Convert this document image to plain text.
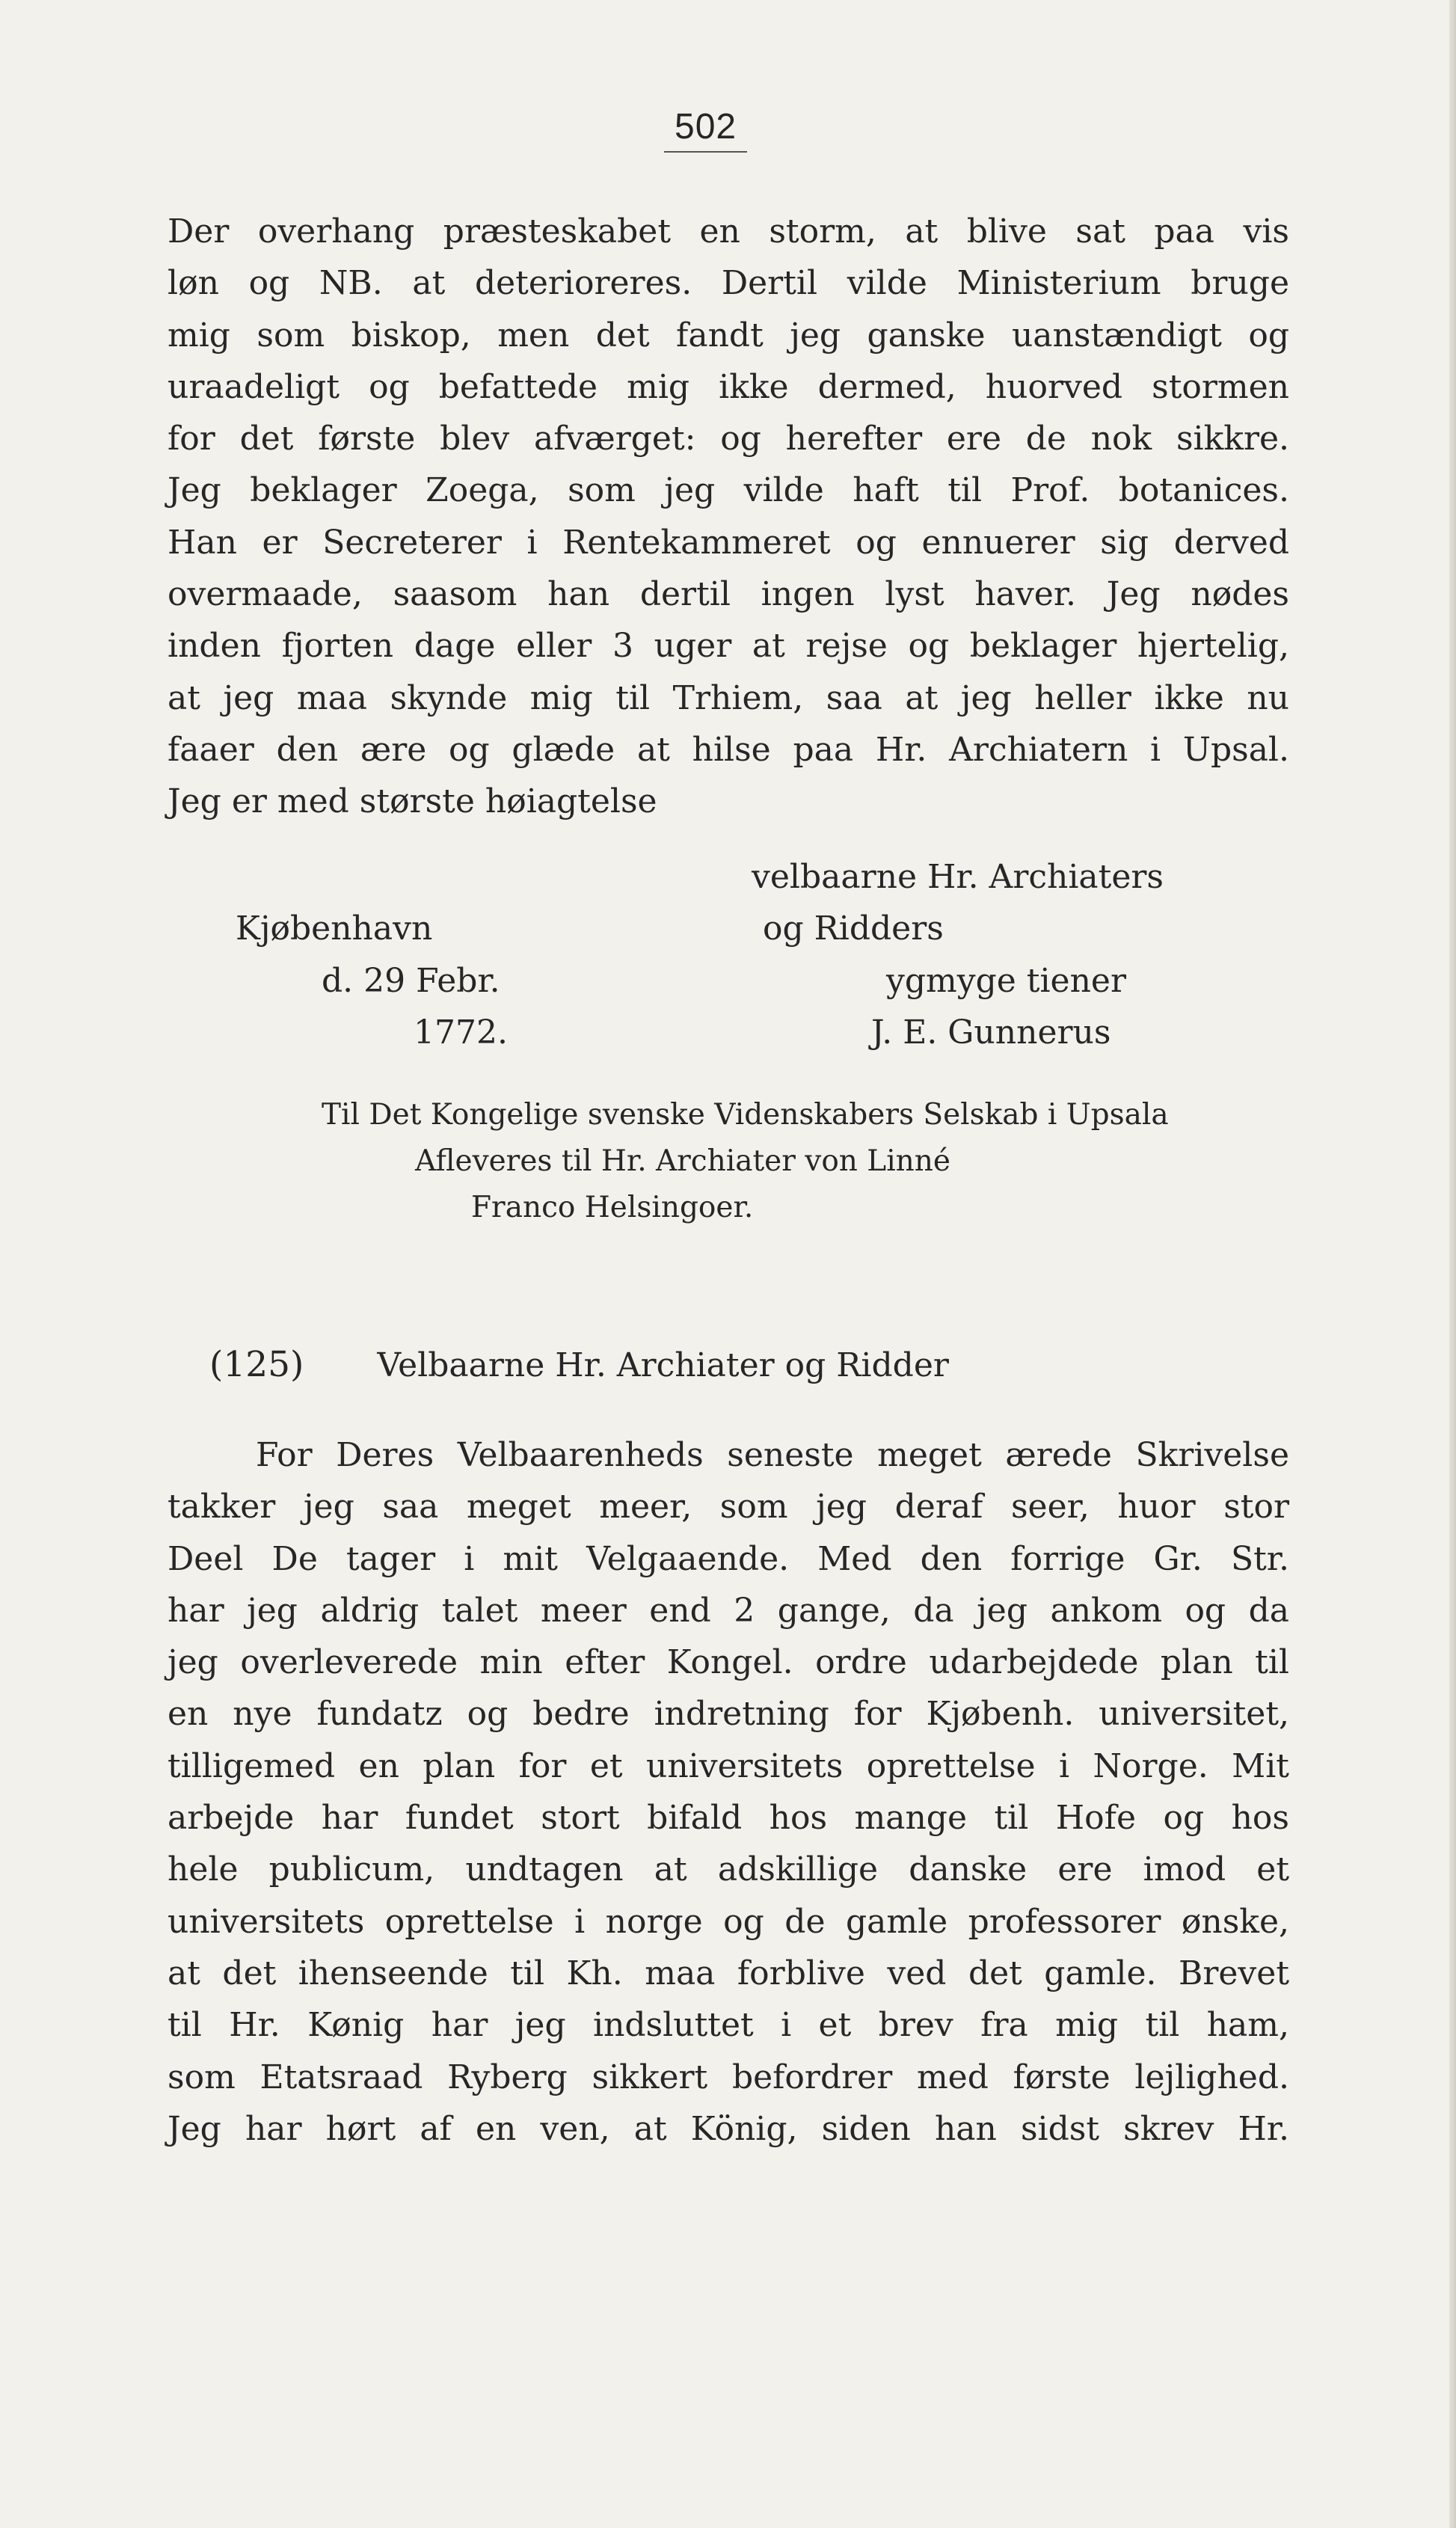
502
Der overhang præsteskabet en storm, at blive sat paa vis
løn og NB. at deterioreres. Dertil vilde Ministerium bruge
mig som biskop, men det fandt jeg ganske uanstændigt og
uraadeligt og befattede mig ikke dermed, huorved stormen
for det første blev afværget: og herefter ere de nok sikkre.
Jeg beklager Zoega, som jeg vilde haft til Prof. botanices.
Han er Secreterer i Rentekammeret og ennuerer sig derved
overmaade, saasom han dertil ingen lyst haver. Jeg nødes
inden fjorten dage eller 3 uger at rejse og beklager hjertelig,
at jeg maa skynde mig til Trhiem, saa at jeg heller ikke nu
faaer den ære og glæde at hilse paa Hr. Archiatern i Upsal.
Jeg er med største høiagtelse
velbaarne Hr. Archiaters
Kjøbenhavn	og Ridders
d. 29 Febr.	ygmyge tiener
1772.	J. E. Gunnerus
Til Det Kongelige svenske Videnskabers Selskab i Upsala
Afleveres til Hr. Archiater von Linné
Franco Helsingoer.
(125) Velbaarne Hr. Archiater og Ridder
For Deres Velbaarenheds seneste meget ærede Skrivelse
takker jeg saa meget meer, som jeg deraf seer, huor stor
Deel De tager i mit Velgaaende. Med den forrige Gr. Str.
har jeg aldrig talet meer end 2 gange, da jeg ankom og da
jeg overleverede min efter Kongel. ordre udarbejdede plan til
en nye fundatz og bedre indretning for Kjøbenh. universitet,
tilligemed en plan for et universitets oprettelse i Norge. Mit
arbejde har fundet stort bifald hos mange til Hofe og hos
hele publicum, undtagen at adskillige danske ere imod et
universitets oprettelse i norge og de gamle professorer ønske,
at det ihenseende til Kh. maa forblive ved det gamle. Brevet
til Hr. Kønig har jeg indsluttet i et brev fra mig til ham,
som Etatsraad Ryberg sikkert befordrer med første lejlighed.
Jeg har hørt af en ven, at König, siden han sidst skrev Hr.
